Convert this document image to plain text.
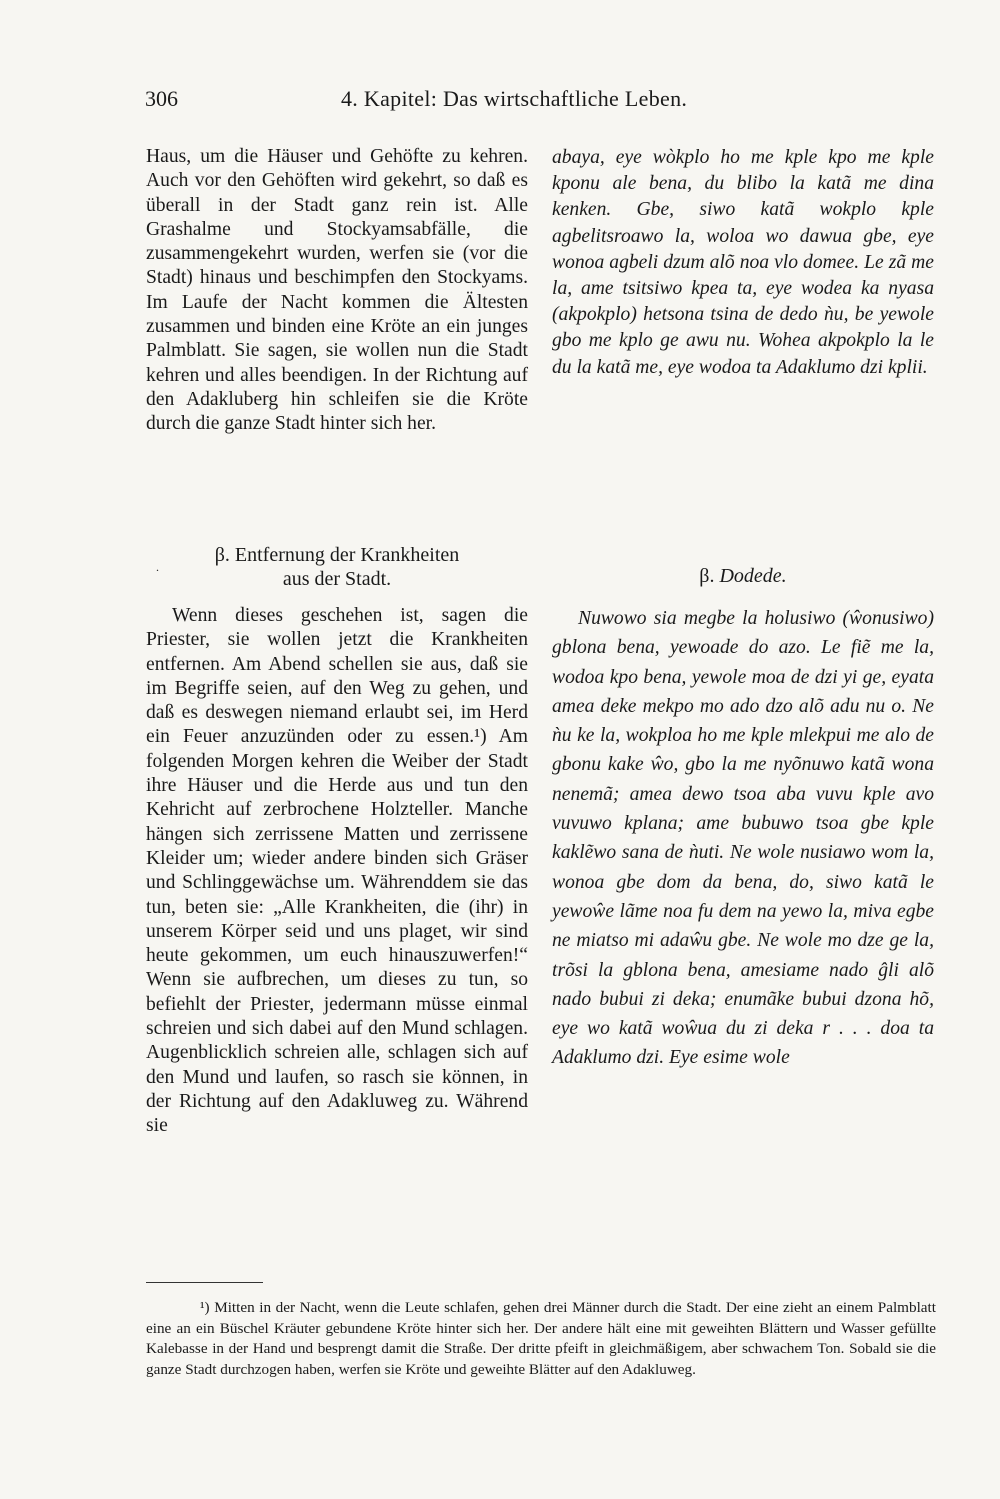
306	4. Kapitel: Das wirtschaftliche Leben.

Haus, um die Häuser und Gehöfte zu kehren. Auch vor den Gehöften wird gekehrt, so daß es überall in der Stadt ganz rein ist. Alle Grashalme und Stockyamsabfälle, die zusammengekehrt wurden, werfen sie (vor die Stadt) hinaus und beschimpfen den Stockyams. Im Laufe der Nacht kommen die Ältesten zusammen und binden eine Kröte an ein junges Palmblatt. Sie sagen, sie wollen nun die Stadt kehren und alles beendigen. In der Richtung auf den Adakluberg hin schleifen sie die Kröte durch die ganze Stadt hinter sich her.

abaya, eye wòkplo ho me kple kpo me kple kponu ale bena, du blibo la katã me dina kenken. Gbe, siwo katã wokplo kple agbelitsroawo la, woloa wo dawua gbe, eye wonoa agbeli dzum alõ noa vlo domee. Le zã me la, ame tsitsiwo kpea ta, eye wodea ka nyasa (akpokplo) hetsona tsina de dedo ǹu, be yewole gbo me kplo ge awu nu. Wohea akpokplo la le du la katã me, eye wodoa ta Adaklumo dzi kplii.

.
β. Entfernung der Krankheiten
aus der Stadt.	β. Dodede.

Wenn dieses geschehen ist, sagen die Priester, sie wollen jetzt die Krankheiten entfernen. Am Abend schellen sie aus, daß sie im Begriffe seien, auf den Weg zu gehen, und daß es deswegen niemand erlaubt sei, im Herd ein Feuer anzuzünden oder zu essen.¹) Am folgenden Morgen kehren die Weiber der Stadt ihre Häuser und die Herde aus und tun den Kehricht auf zerbrochene Holzteller. Manche hängen sich zerrissene Matten und zerrissene Kleider um; wieder andere binden sich Gräser und Schlinggewächse um. Währenddem sie das tun, beten sie: „Alle Krankheiten, die (ihr) in unserem Körper seid und uns plaget, wir sind heute gekommen, um euch hinauszuwerfen!“ Wenn sie aufbrechen, um dieses zu tun, so befiehlt der Priester, jedermann müsse einmal schreien und sich dabei auf den Mund schlagen. Augenblicklich schreien alle, schlagen sich auf den Mund und laufen, so rasch sie können, in der Richtung auf den Adakluweg zu. Während sie

Nuwowo sia megbe la holusiwo (ŵonusiwo) gblona bena, yewoade do azo. Le fiẽ me la, wodoa kpo bena, yewole moa de dzi yi ge, eyata amea deke mekpo mo ado dzo alõ adu nu o. Ne ǹu ke la, wokploa ho me kple mlekpui me alo de gbonu kake ŵo, gbo la me nyõnuwo katã wona nenemã; amea dewo tsoa aba vuvu kple avo vuvuwo kplana; ame bubuwo tsoa gbe kple kaklẽwo sana de ǹuti. Ne wole nusiawo wom la, wonoa gbe dom da bena, do, siwo katã le yewoŵe lãme noa fu dem na yewo la, miva egbe ne miatso mi adaŵu gbe. Ne wole mo dze ge la, trõsi la gblona bena, amesiame nado ĝli alõ nado bubui zi deka; enumãke bubui dzona hõ, eye wo katã woŵua du zi deka r . . . doa ta Adaklumo dzi. Eye esime wole

¹) Mitten in der Nacht, wenn die Leute schlafen, gehen drei Männer durch die Stadt. Der eine zieht an einem Palmblatt eine an ein Büschel Kräuter gebundene Kröte hinter sich her. Der andere hält eine mit geweihten Blättern und Wasser gefüllte Kalebasse in der Hand und besprengt damit die Straße. Der dritte pfeift in gleichmäßigem, aber schwachem Ton. Sobald sie die ganze Stadt durchzogen haben, werfen sie Kröte und geweihte Blätter auf den Adakluweg.
